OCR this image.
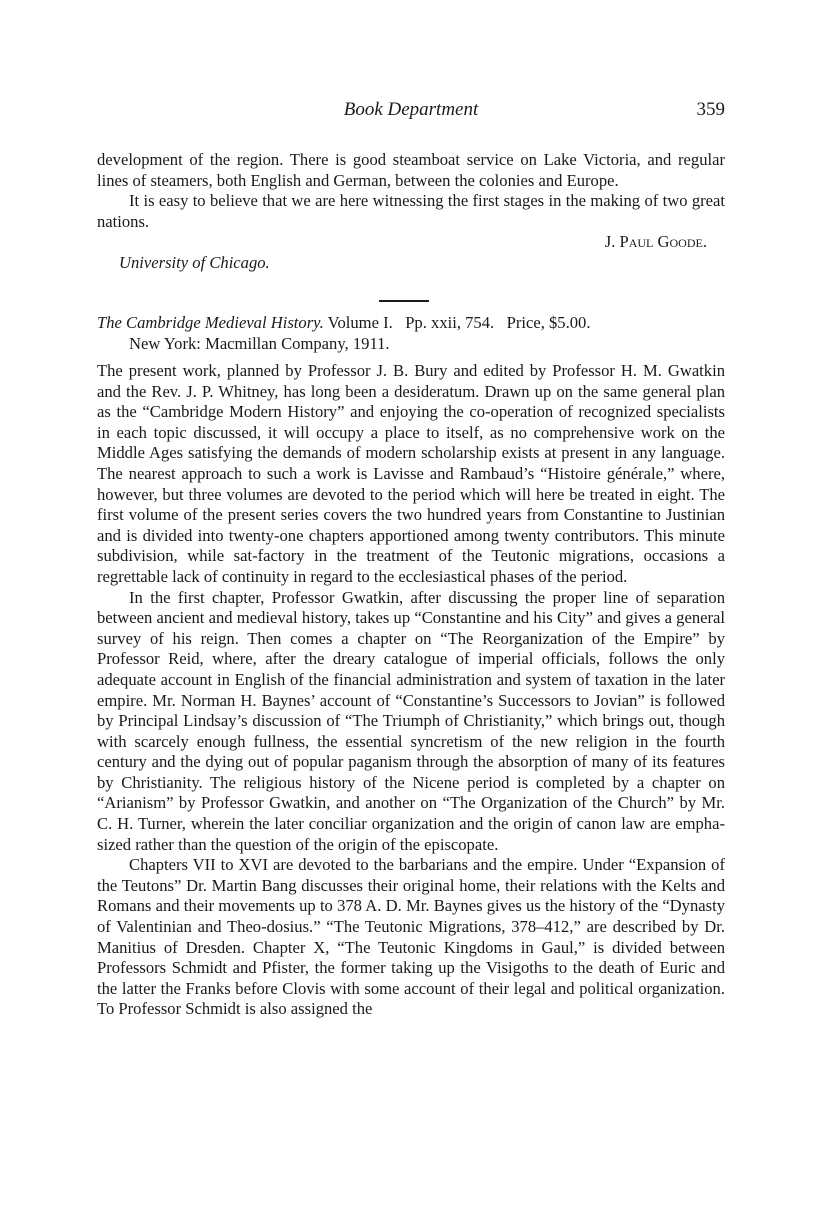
Book Department	359

development of the region. There is good steamboat service on Lake Victoria, and regular lines of steamers, both English and German, between the colonies and Europe.

It is easy to believe that we are here witnessing the first stages in the making of two great nations.

J. Paul Goode.

University of Chicago.

The Cambridge Medieval History. Volume I.   Pp. xxii, 754.   Price, $5.00.

New York: Macmillan Company, 1911.

The present work, planned by Professor J. B. Bury and edited by Professor H. M. Gwatkin and the Rev. J. P. Whitney, has long been a desideratum. Drawn up on the same general plan as the “Cambridge Modern History” and enjoying the co-operation of recognized specialists in each topic discussed, it will occupy a place to itself, as no comprehensive work on the Middle Ages satisfying the demands of modern scholarship exists at present in any language. The nearest approach to such a work is Lavisse and Rambaud’s “Histoire générale,” where, however, but three volumes are devoted to the period which will here be treated in eight. The first volume of the present series covers the two hundred years from Constantine to Justinian and is divided into twenty-one chapters apportioned among twenty contributors. This minute subdivision, while sat-factory in the treatment of the Teutonic migrations, occasions a regrettable lack of continuity in regard to the ecclesiastical phases of the period.

In the first chapter, Professor Gwatkin, after discussing the proper line of separation between ancient and medieval history, takes up “Constantine and his City” and gives a general survey of his reign. Then comes a chapter on “The Reorganization of the Empire” by Professor Reid, where, after the dreary catalogue of imperial officials, follows the only adequate account in English of the financial administration and system of taxation in the later empire. Mr. Norman H. Baynes’ account of “Constantine’s Successors to Jovian” is followed by Principal Lindsay’s discussion of “The Triumph of Christianity,” which brings out, though with scarcely enough fullness, the essential syncretism of the new religion in the fourth century and the dying out of popular paganism through the absorption of many of its features by Christianity. The religious history of the Nicene period is completed by a chapter on “Arianism” by Professor Gwatkin, and another on “The Organization of the Church” by Mr. C. H. Turner, wherein the later conciliar organization and the origin of canon law are empha-sized rather than the question of the origin of the episcopate.

Chapters VII to XVI are devoted to the barbarians and the empire. Under “Expansion of the Teutons” Dr. Martin Bang discusses their original home, their relations with the Kelts and Romans and their movements up to 378 A. D. Mr. Baynes gives us the history of the “Dynasty of Valentinian and Theo-dosius.” “The Teutonic Migrations, 378–412,” are described by Dr. Manitius of Dresden. Chapter X, “The Teutonic Kingdoms in Gaul,” is divided between Professors Schmidt and Pfister, the former taking up the Visigoths to the death of Euric and the latter the Franks before Clovis with some account of their legal and political organization. To Professor Schmidt is also assigned the
